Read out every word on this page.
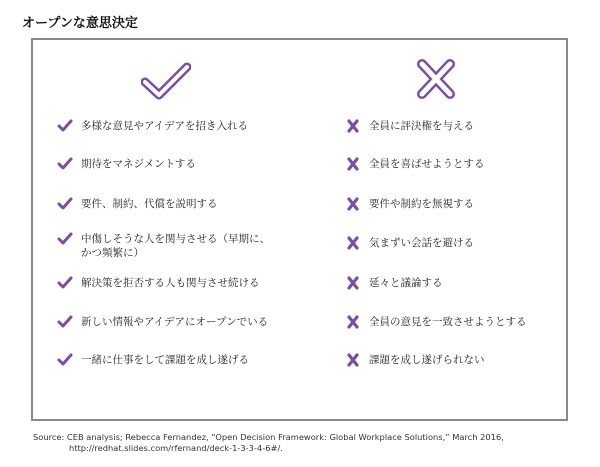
オープンな意思決定
多様な意見やアイデアを招き入れる
期待をマネジメントする
要件、制約、代償を説明する
中傷しそうな人を関与させる（早期に、
かつ頻繁に）
解決策を拒否する人も関与させ続ける
新しい情報やアイデアにオープンでいる
一緒に仕事をして課題を成し遂げる
全員に評決権を与える
全員を喜ばせようとする
要件や制約を無視する
気まずい会話を避ける
延々と議論する
全員の意見を一致させようとする
課題を成し遂げられない
Source: CEB analysis; Rebecca Fernandez, “Open Decision Framework: Global Workplace Solutions,” March 2016,
http://redhat.slides.com/rfernand/deck-1-3-3-4-6#/.
